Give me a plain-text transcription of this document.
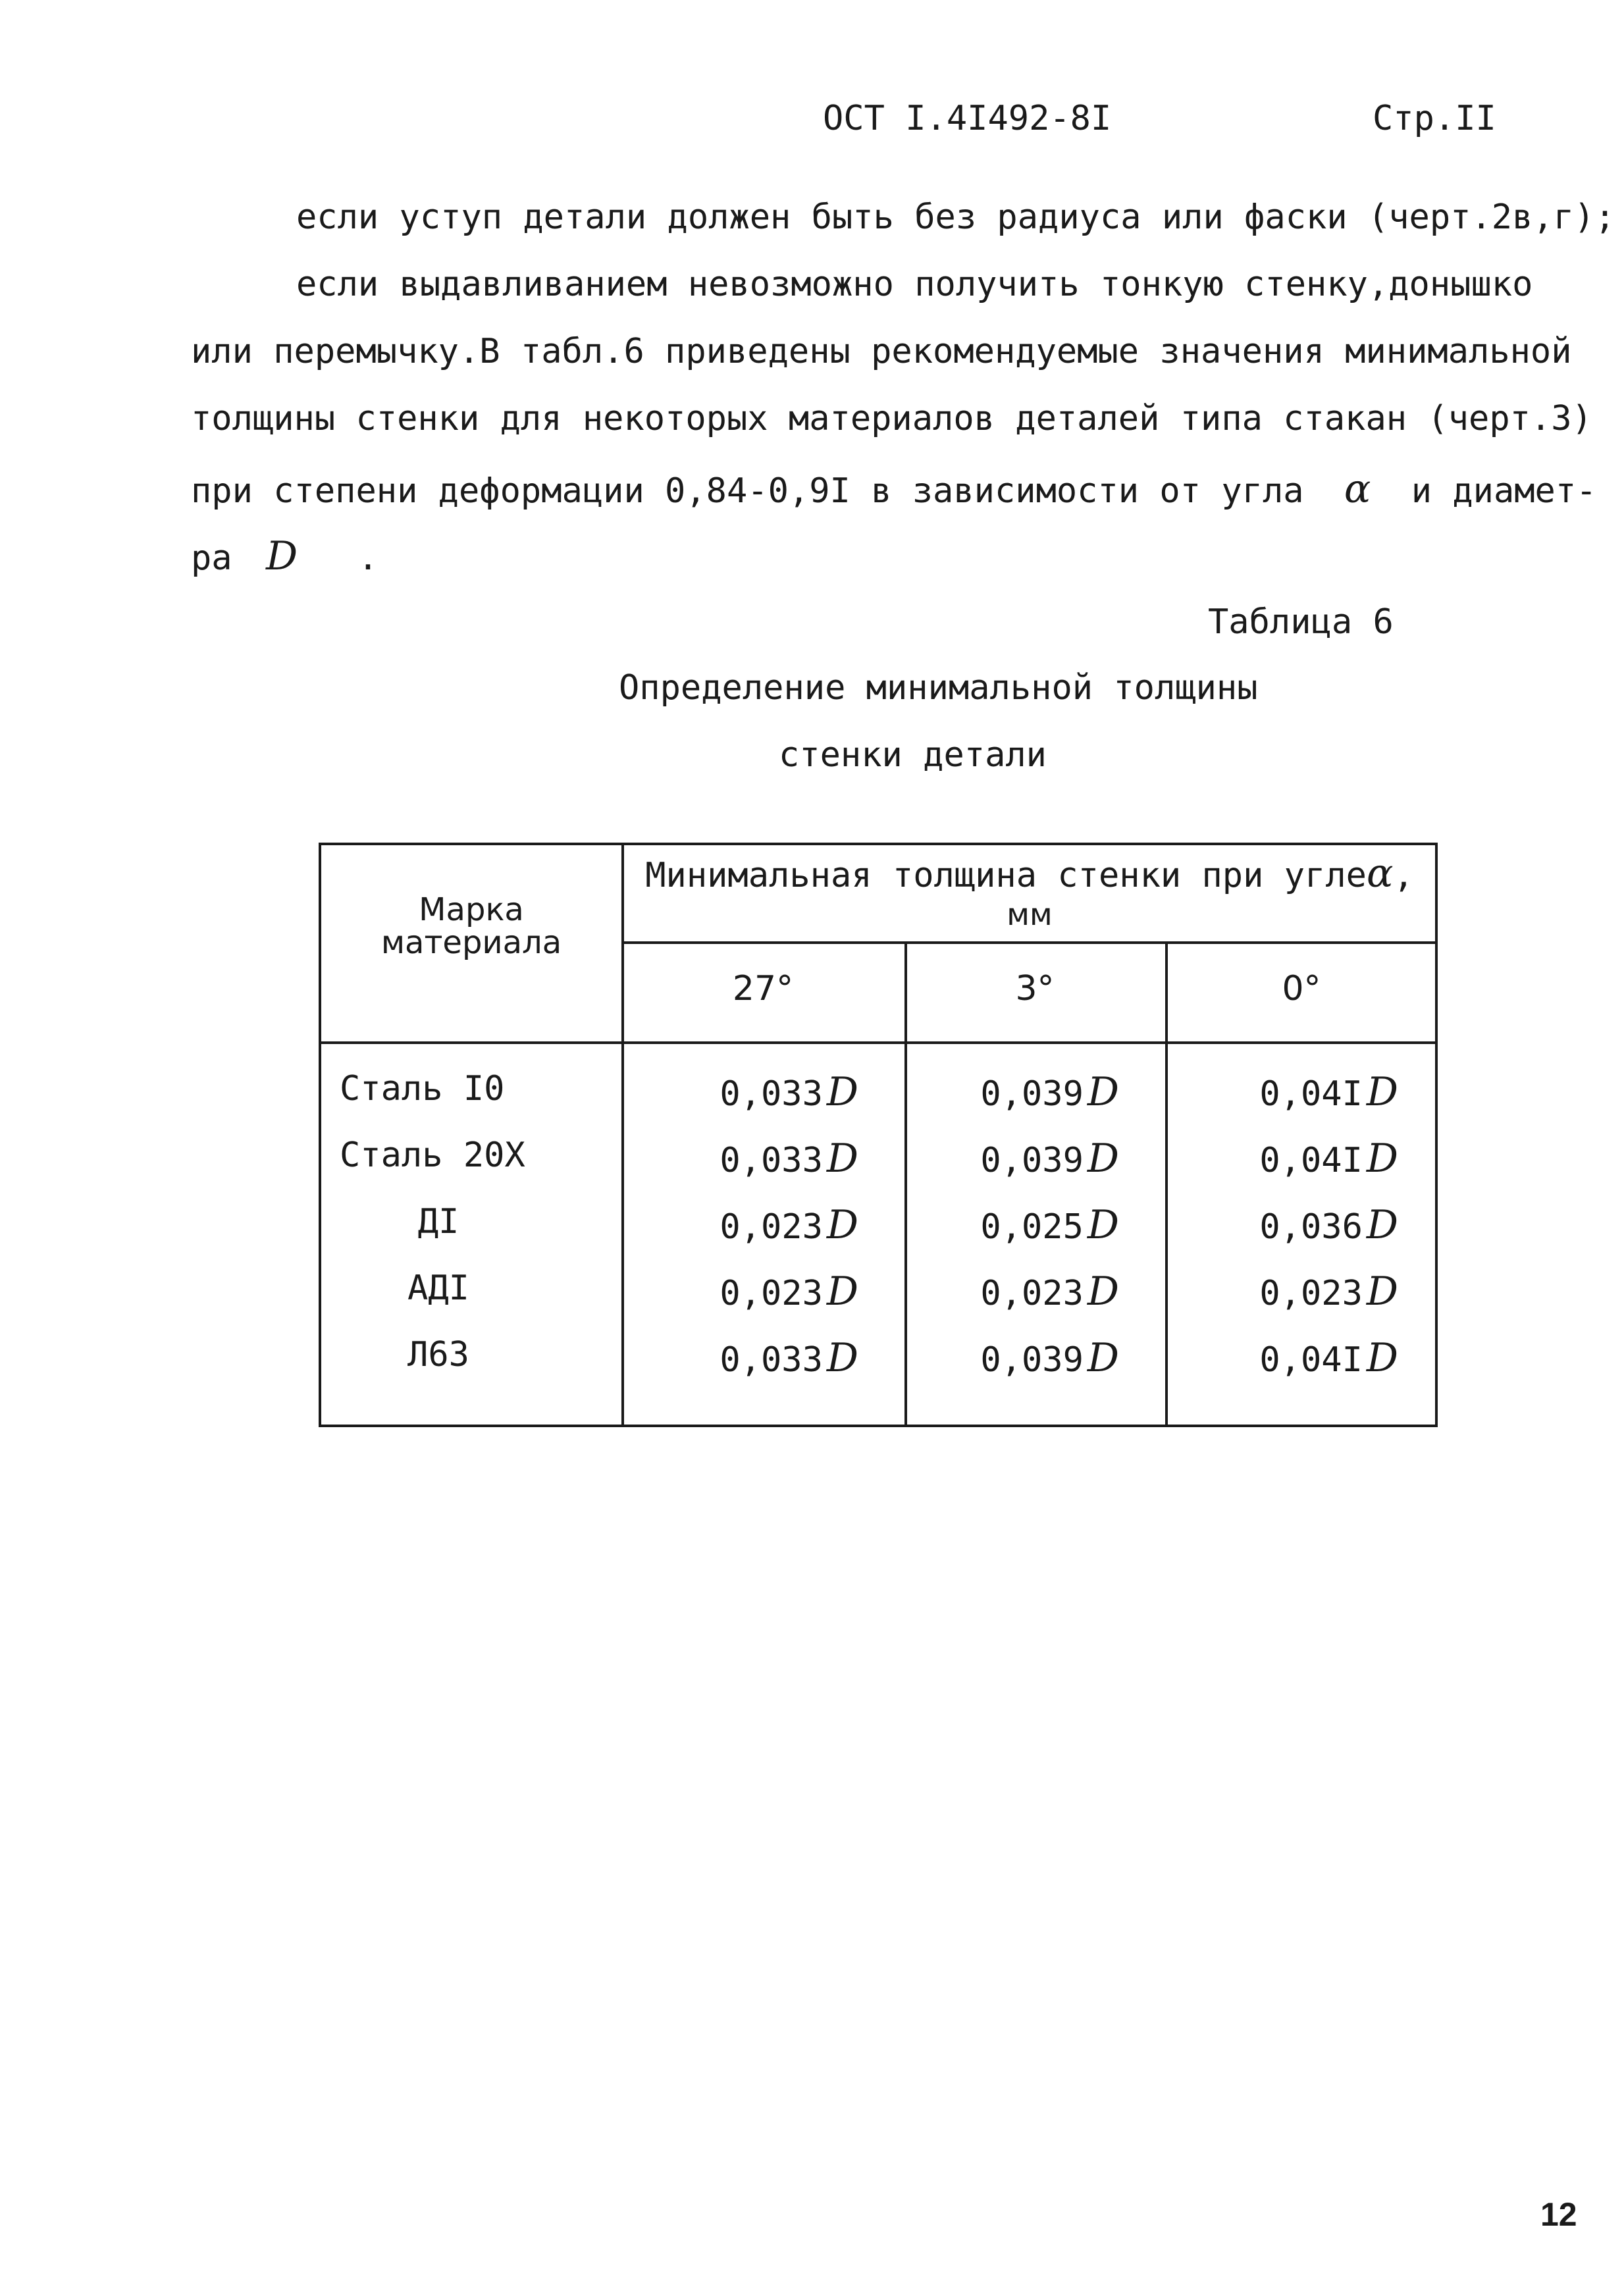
ОСТ I.4I492-8I	Стр.II
если уступ детали должен быть без радиуса или фаски (черт.2в,г);
если выдавливанием невозможно получить тонкую стенку,донышко
или перемычку.В табл.6 приведены рекомендуемые значения минимальной
толщины стенки для некоторых материалов деталей типа стакан (черт.3)
при степени деформации 0,84-0,9I в зависимости от угла α и диамет-
ра D .
Таблица 6
Определение минимальной толщины
стенки детали
Марка
материала
Минимальная толщина стенки при углеα,
мм
27°	3°	0°
Сталь I0	0,033 D	0,039 D	0,04I D
Сталь 20Х	0,033 D	0,039 D	0,04I D
ДI	0,023 D	0,025 D	0,036 D
АДI	0,023 D	0,023 D	0,023 D
Л63	0,033 D	0,039 D	0,04I D
12
